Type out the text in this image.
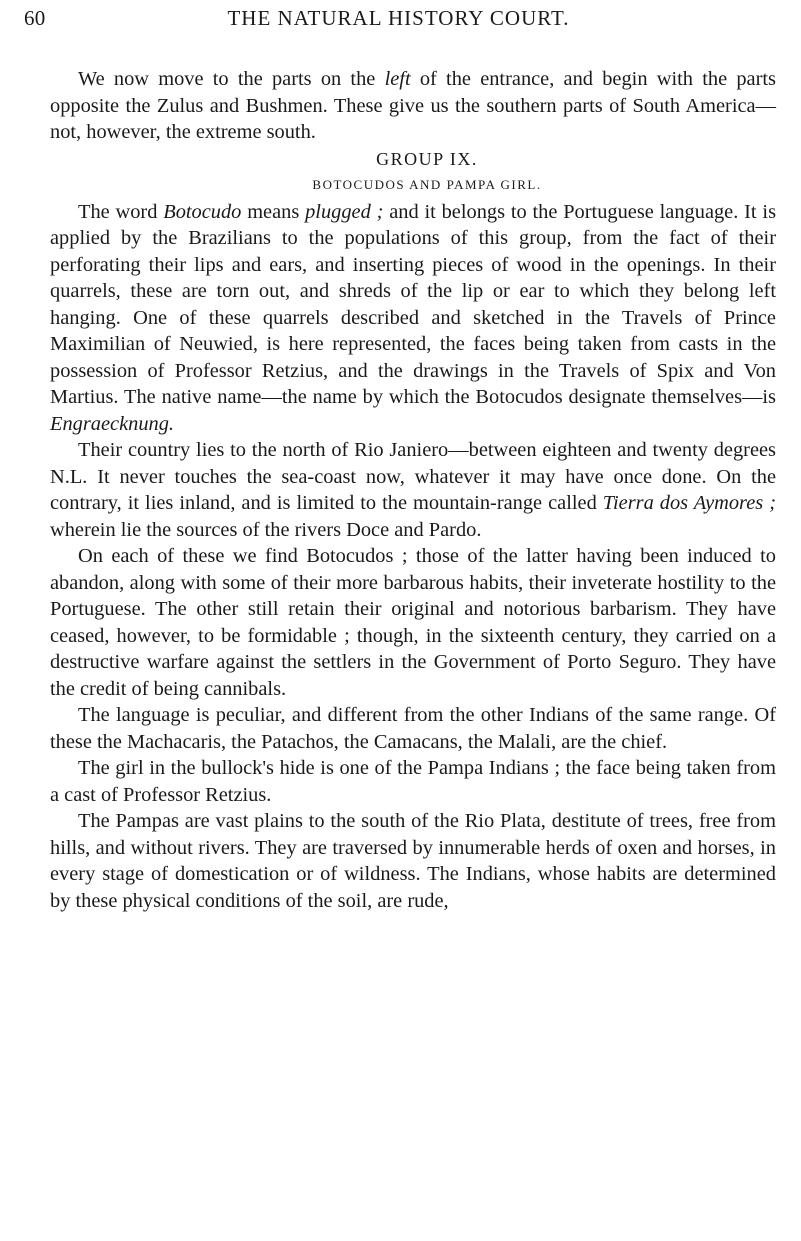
60	THE NATURAL HISTORY COURT.

We now move to the parts on the left of the entrance, and begin with the parts opposite the Zulus and Bushmen. These give us the southern parts of South America—not, however, the extreme south.

GROUP IX.

BOTOCUDOS AND PAMPA GIRL.

The word Botocudo means plugged ; and it belongs to the Portuguese language. It is applied by the Brazilians to the populations of this group, from the fact of their perforating their lips and ears, and inserting pieces of wood in the openings. In their quarrels, these are torn out, and shreds of the lip or ear to which they belong left hanging. One of these quarrels described and sketched in the Travels of Prince Maximilian of Neuwied, is here represented, the faces being taken from casts in the possession of Professor Retzius, and the drawings in the Travels of Spix and Von Martius. The native name—the name by which the Botocudos designate themselves—is Engraecknung.

Their country lies to the north of Rio Janiero—between eighteen and twenty degrees N.L. It never touches the sea-coast now, whatever it may have once done. On the contrary, it lies inland, and is limited to the mountain-range called Tierra dos Aymores ; wherein lie the sources of the rivers Doce and Pardo.

On each of these we find Botocudos ; those of the latter having been induced to abandon, along with some of their more barbarous habits, their inveterate hostility to the Portuguese. The other still retain their original and notorious barbarism. They have ceased, however, to be formidable ; though, in the sixteenth century, they carried on a destructive warfare against the settlers in the Government of Porto Seguro. They have the credit of being cannibals.

The language is peculiar, and different from the other Indians of the same range. Of these the Machacaris, the Patachos, the Camacans, the Malali, are the chief.

The girl in the bullock's hide is one of the Pampa Indians ; the face being taken from a cast of Professor Retzius.

The Pampas are vast plains to the south of the Rio Plata, destitute of trees, free from hills, and without rivers. They are traversed by innumerable herds of oxen and horses, in every stage of domestication or of wildness. The Indians, whose habits are determined by these physical conditions of the soil, are rude,
